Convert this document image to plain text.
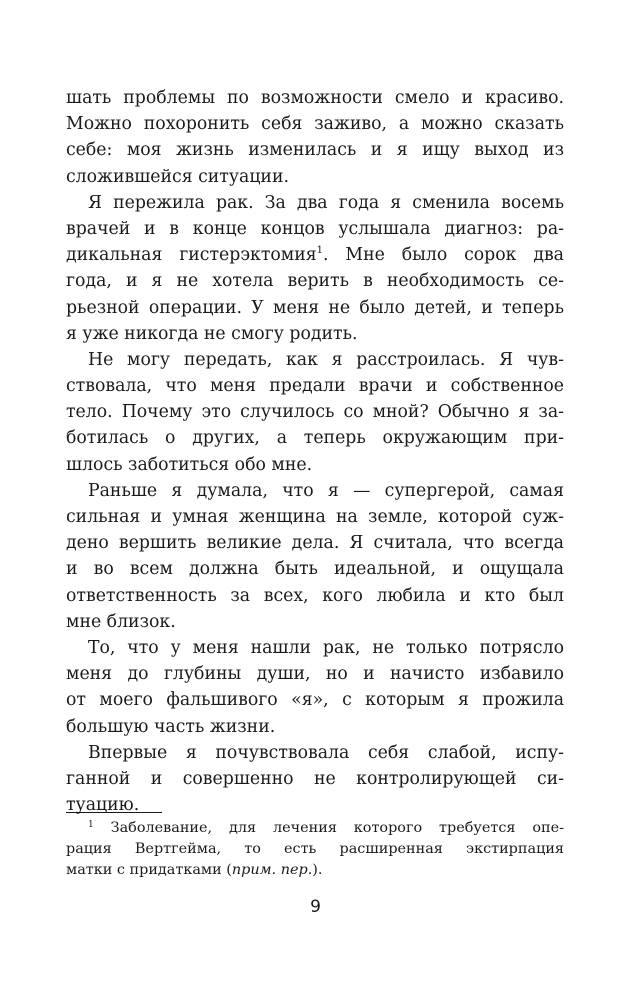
шать проблемы по возможности смело и красиво.
Можно похоронить себя заживо, а можно сказать
себе: моя жизнь изменилась и я ищу выход из
сложившейся ситуации.
Я пережила рак. За два года я сменила восемь
врачей и в конце концов услышала диагноз: ра-
дикальная гистерэктомия$^1$. Мне было сорок два
года, и я не хотела верить в необходимость се-
рьезной операции. У меня не было детей, и теперь
я уже никогда не смогу родить.
Не могу передать, как я расстроилась. Я чув-
ствовала, что меня предали врачи и собственное
тело. Почему это случилось со мной? Обычно я за-
ботилась о других, а теперь окружающим при-
шлось заботиться обо мне.
Раньше я думала, что я — супергерой, самая
сильная и умная женщина на земле, которой суж-
дено вершить великие дела. Я считала, что всегда
и во всем должна быть идеальной, и ощущала
ответственность за всех, кого любила и кто был
мне близок.
То, что у меня нашли рак, не только потрясло
меня до глубины души, но и начисто избавило
от моего фальшивого «я», с которым я прожила
большую часть жизни.
Впервые я почувствовала себя слабой, испу-
ганной и совершенно не контролирующей си-
туацию.
$^1$ Заболевание, для лечения которого требуется опе-
рация Вертгейма, то есть расширенная экстирпация
матки с придатками (прим. пер.).
9
